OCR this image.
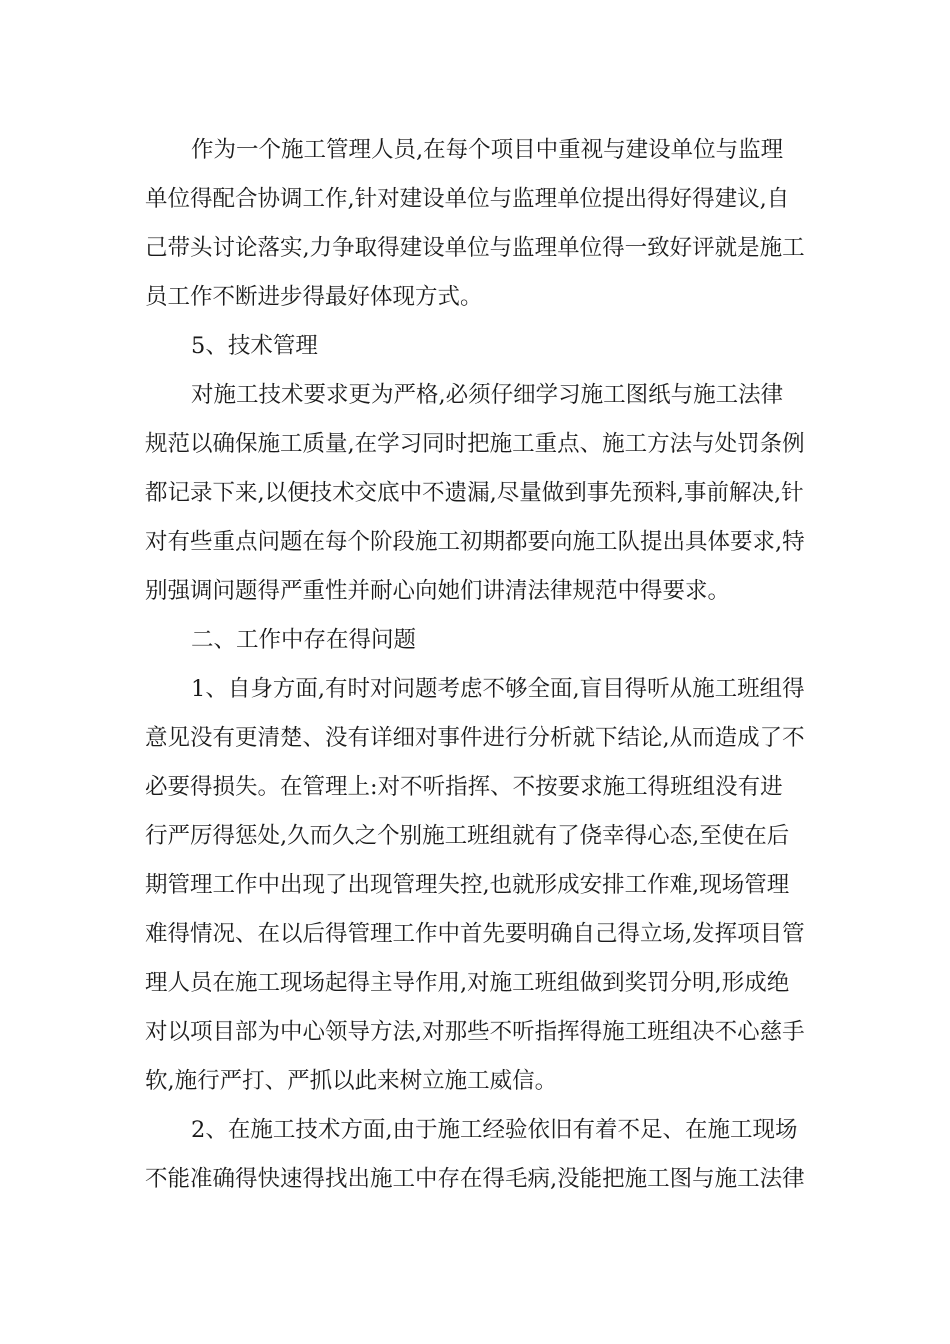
作为一个施工管理人员,在每个项目中重视与建设单位与监理单位得配合协调工作,针对建设单位与监理单位提出得好得建议,自己带头讨论落实,力争取得建设单位与监理单位得一致好评就是施工员工作不断进步得最好体现方式。

5、技术管理

对施工技术要求更为严格,必须仔细学习施工图纸与施工法律规范以确保施工质量,在学习同时把施工重点、施工方法与处罚条例都记录下来,以便技术交底中不遗漏,尽量做到事先预料,事前解决,针对有些重点问题在每个阶段施工初期都要向施工队提出具体要求,特别强调问题得严重性并耐心向她们讲清法律规范中得要求。

二、工作中存在得问题

1、自身方面,有时对问题考虑不够全面,盲目得听从施工班组得意见没有更清楚、没有详细对事件进行分析就下结论,从而造成了不必要得损失。在管理上:对不听指挥、不按要求施工得班组没有进行严厉得惩处,久而久之个别施工班组就有了侥幸得心态,至使在后期管理工作中出现了出现管理失控,也就形成安排工作难,现场管理难得情况、在以后得管理工作中首先要明确自己得立场,发挥项目管理人员在施工现场起得主导作用,对施工班组做到奖罚分明,形成绝对以项目部为中心领导方法,对那些不听指挥得施工班组决不心慈手软,施行严打、严抓以此来树立施工威信。

2、在施工技术方面,由于施工经验依旧有着不足、在施工现场不能准确得快速得找出施工中存在得毛病,没能把施工图与施工法律
